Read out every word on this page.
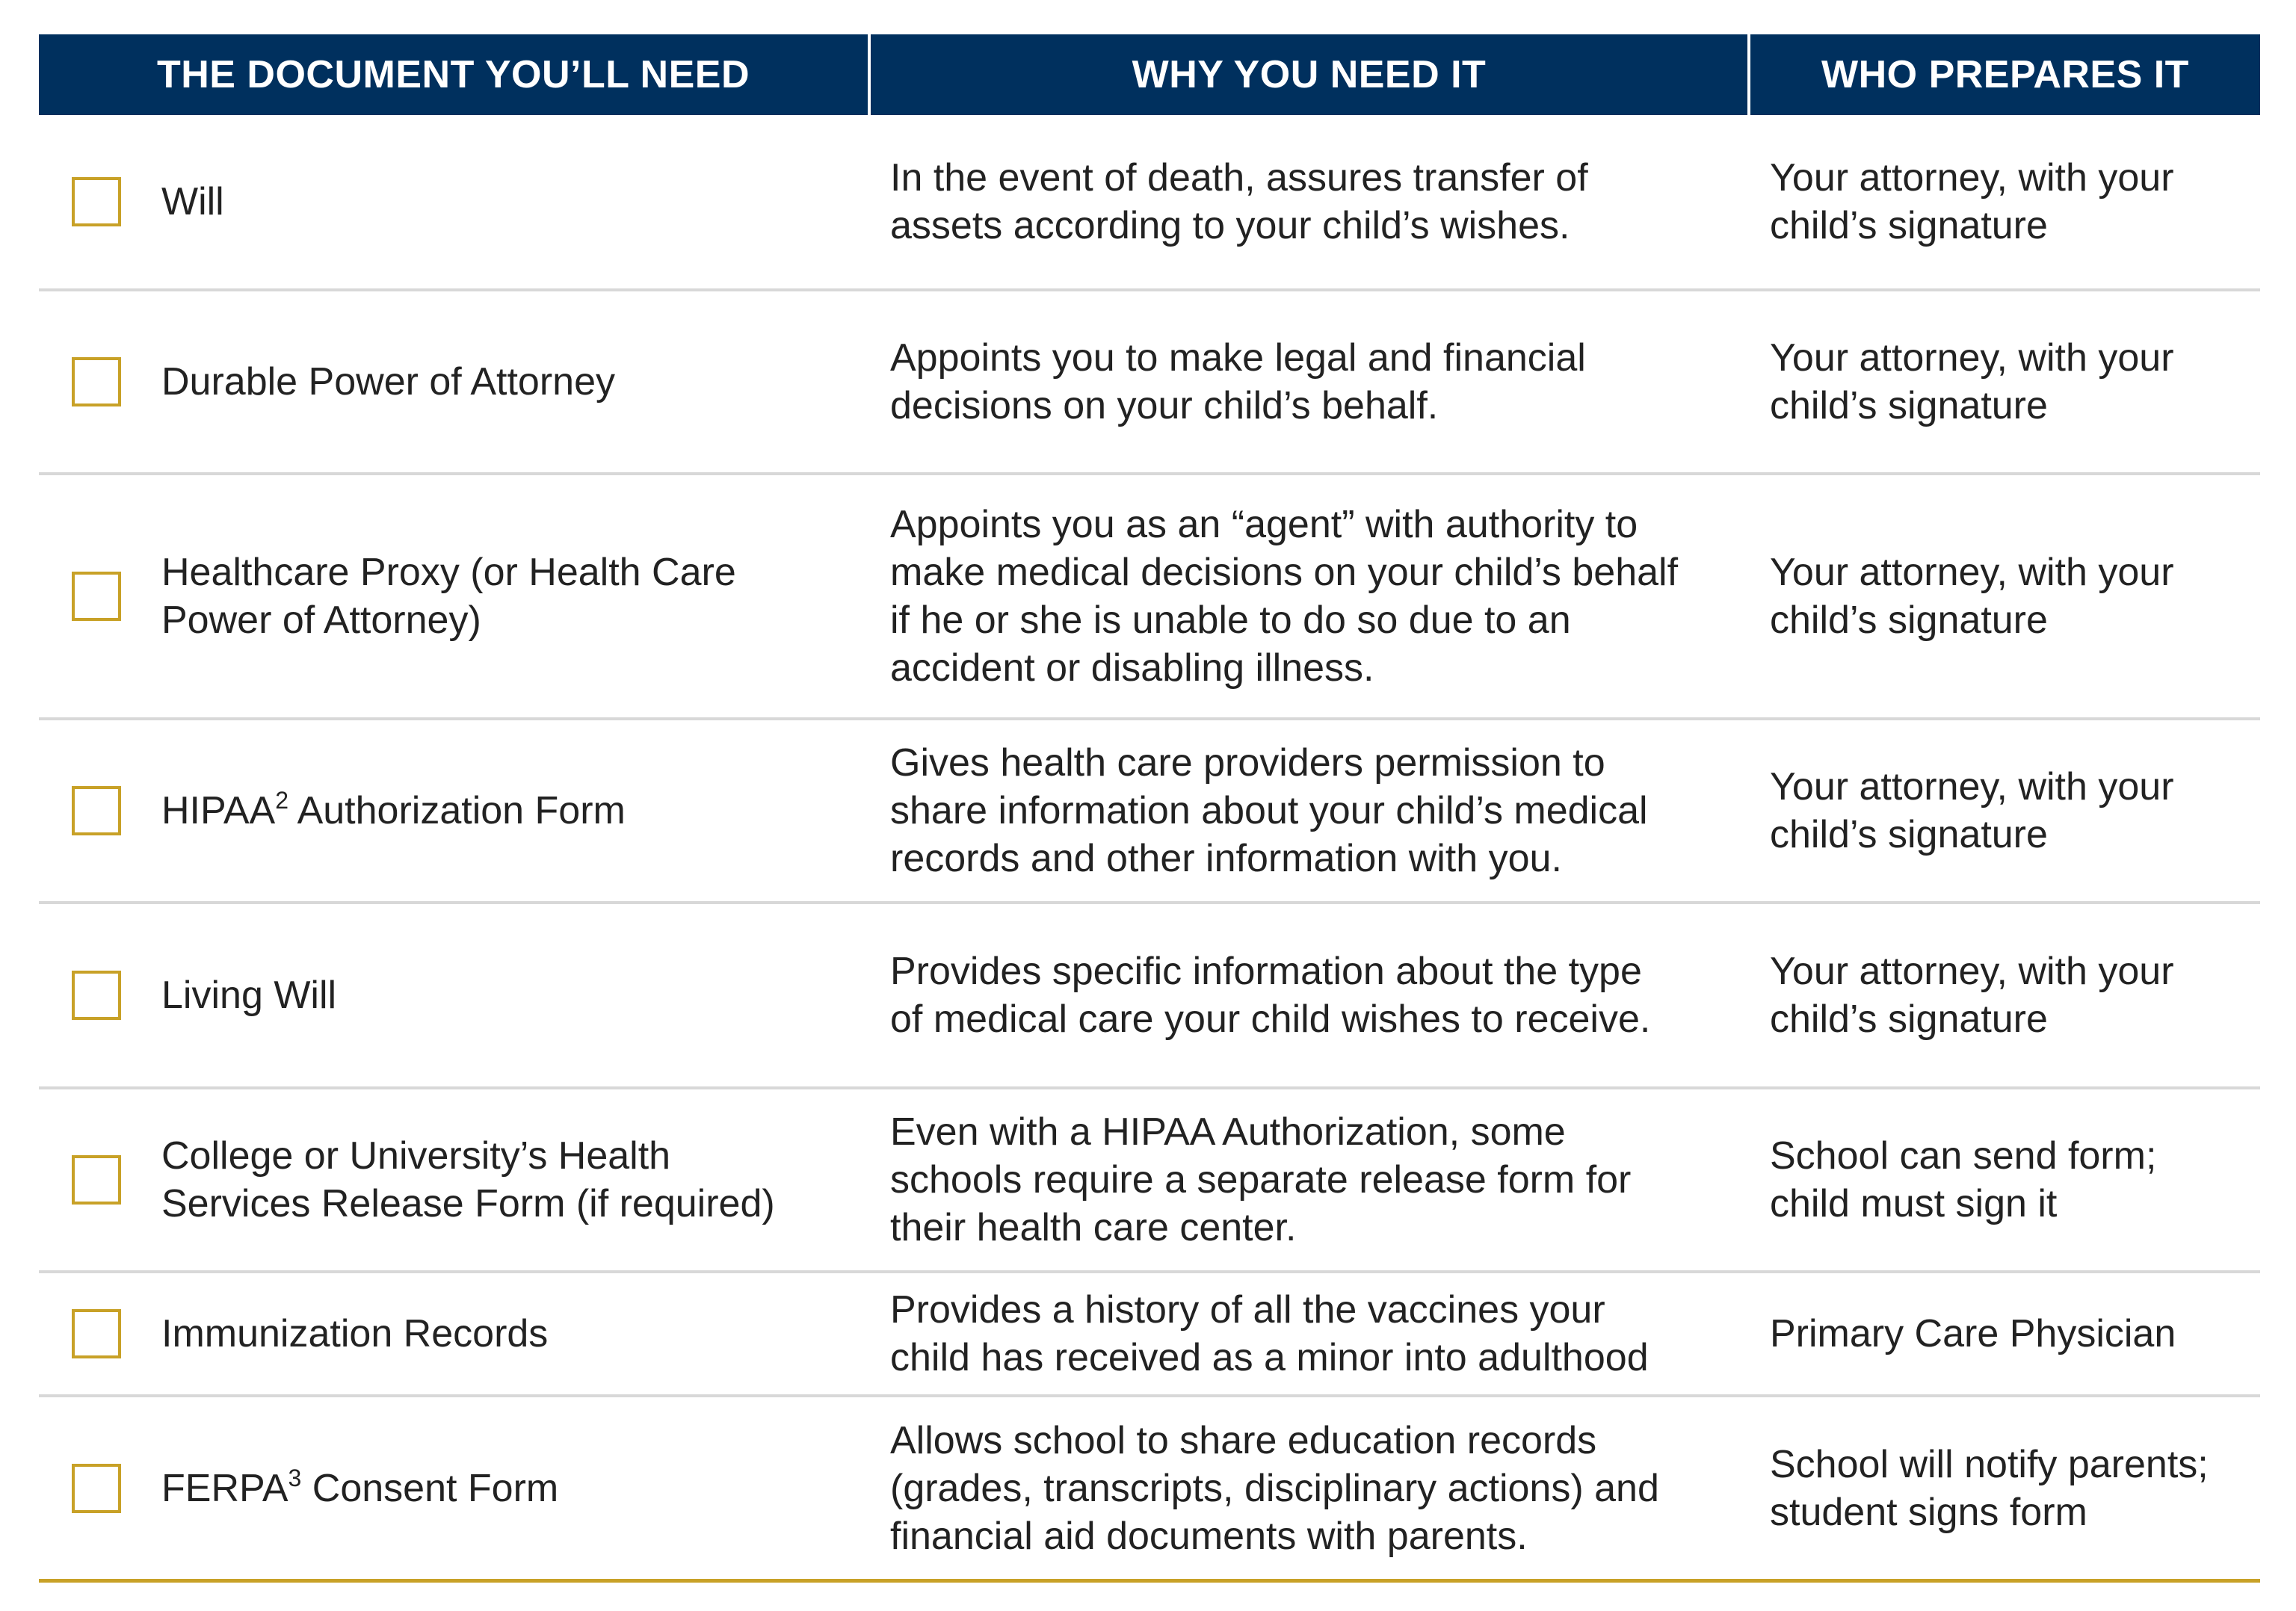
THE DOCUMENT YOU’LL NEED	WHY YOU NEED IT	WHO PREPARES IT
Will
In the event of death, assures transfer of
assets according to your child’s wishes.
Your attorney, with your
child’s signature
Durable Power of Attorney
Appoints you to make legal and financial
decisions on your child’s behalf.
Your attorney, with your
child’s signature
Healthcare Proxy (or Health Care
Power of Attorney)
Appoints you as an “agent” with authority to
make medical decisions on your child’s behalf
if he or she is unable to do so due to an
accident or disabling illness.
Your attorney, with your
child’s signature
HIPAA$^2$ Authorization Form
Gives health care providers permission to
share information about your child’s medical
records and other information with you.
Your attorney, with your
child’s signature
Living Will
Provides specific information about the type
of medical care your child wishes to receive.
Your attorney, with your
child’s signature
College or University’s Health
Services Release Form (if required)
Even with a HIPAA Authorization, some
schools require a separate release form for
their health care center.
School can send form;
child must sign it
Immunization Records
Provides a history of all the vaccines your
child has received as a minor into adulthood
Primary Care Physician
FERPA$^3$ Consent Form
Allows school to share education records
(grades, transcripts, disciplinary actions) and
financial aid documents with parents.
School will notify parents;
student signs form
